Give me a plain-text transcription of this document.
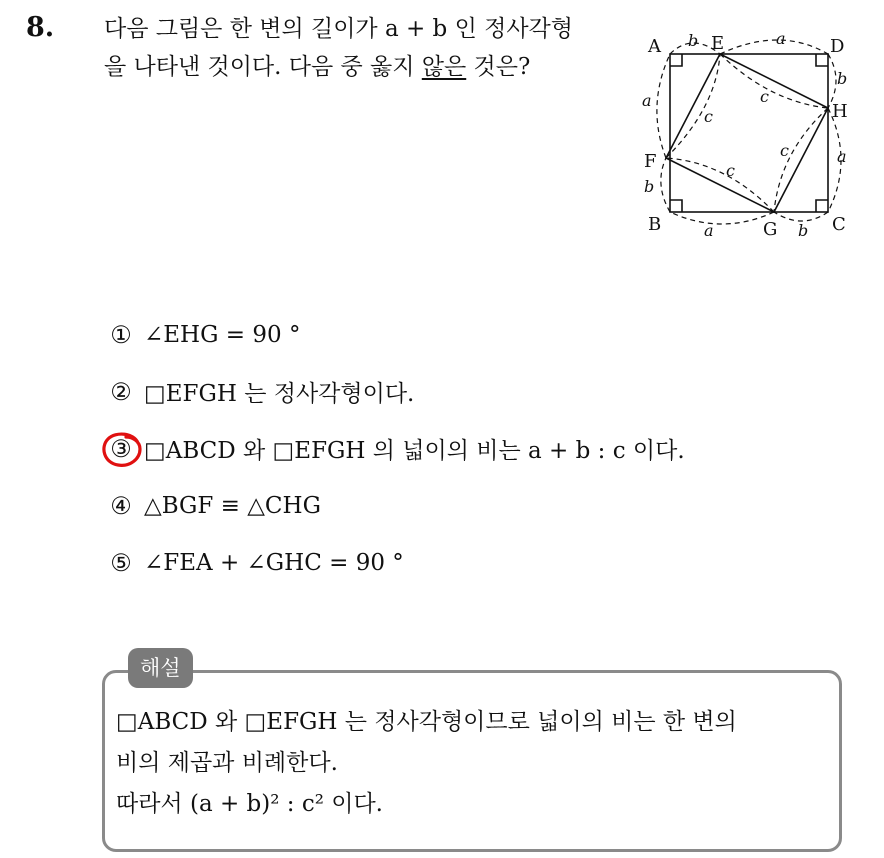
8. 다음 그림은 한 변의 길이가 a + b 인 정사각형
을 나타낸 것이다. 다음 중 옳지 않은 것은?
A
B	C
D
E
F
G
H
b	a
b
a
b
a
b
a	c
c
c
c
① ∠EHG = 90 °
② □EFGH 는 정사각형이다.
③ □ABCD 와 □EFGH 의 넓이의 비는 a + b : c 이다.
④ △BGF ≡ △CHG
⑤ ∠FEA + ∠GHC = 90 °
해설
□ABCD 와 □EFGH 는 정사각형이므로 넓이의 비는 한 변의
비의 제곱과 비례한다.
따라서 (a + b)² : c² 이다.
